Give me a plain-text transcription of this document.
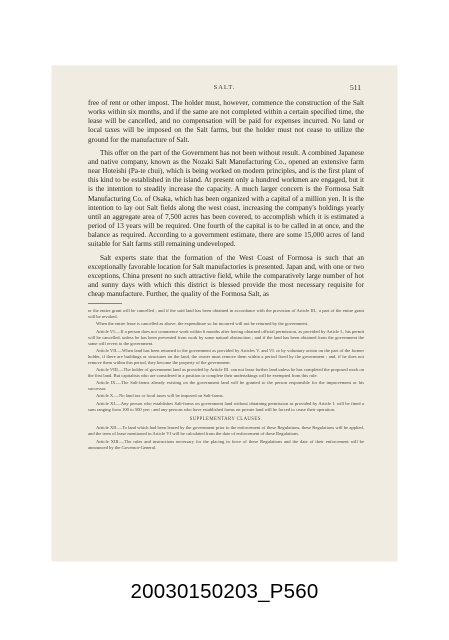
SALT.	511

free of rent or other impost. The holder must, however, commence the construction of the Salt works within six months, and if the same are not completed within a certain specified time, the lease will be cancelled, and no compensation will be paid for expenses incurred. No land or local taxes will be imposed on the Salt farms, but the holder must not cease to utilize the ground for the manufacture of Salt.

This offer on the part of the Government has not been without result. A combined Japanese and native company, known as the Nozaki Salt Manufacturing Co., opened an extensive farm near Hoteishi (Pa-te chui), which is being worked on modern principles, and is the first plant of this kind to be established in the island. At present only a hundred workmen are engaged, but it is the intention to steadily increase the capacity. A much larger concern is the Formosa Salt Manufacturing Co. of Osaka, which has been organized with a capital of a million yen. It is the intention to lay out Salt fields along the west coast, increasing the company's holdings yearly until an aggregate area of 7,500 acres has been covered, to accomplish which it is estimated a period of 13 years will be required. One fourth of the capital is to be called in at once, and the balance as required. According to a government estimate, there are some 15,000 acres of land suitable for Salt farms still remaining undeveloped.

Salt experts state that the formation of the West Coast of Formosa is such that an exceptionally favorable location for Salt manufactories is presented. Japan and, with one or two exceptions, China present no such attractive field, while the comparatively large number of hot and sunny days with which this district is blessed provide the most necessary requisite for cheap manufacture. Further, the quality of the Formosa Salt, as

or the entire grant will be cancelled ; and if the said land has been obtained in accordance with the provision of Article III., a part of the entire grant will be revoked.

When the entire lease is cancelled as above, the expenditure so far incurred will not be returned by the government.

Article VI.—If a person does not commence work within 6 months after having obtained official permission, as provided by Article I., his permit will be cancelled, unless he has been prevented from work by some natural obstruction ; and if the land has been obtained from the government the same will revert to the government.

Article VII.—When land has been returned to the government as provided by Articles V. and VI. or by voluntary action on the part of the former holder, if there are buildings or structures on the land, the owner must remove them within a period fixed by the government ; and, if he does not remove them within this period, they become the property of the government.

Article VIII.—The holder of government land as provided by Article III. can not lease further land unless he has completed the proposed work on the first land. But capitalists who are considered in a position to complete their undertakings will be exempted from this rule.

Article IX.—The Salt-farms already existing on the government land will be granted to the person responsible for the improvement or his successor.

Article X.—No land tax or local taxes will be imposed on Salt-farms.

Article XI.—Any person who establishes Salt-farms on government land without obtaining permission as provided by Article I. will be fined a sum ranging from 100 to 500 yen ; and any persons who have established farms on private land will be forced to cease their operation.

SUPPLEMENTARY CLAUSES.

Article XII.—To land which had been leased by the government prior to the enforcement of these Regulations, these Regulations will be applied, and the term of lease mentioned in Article VI will be calculated from the date of enforcement of these Regulations.

Article XIII.—The rules and instructions necessary for the placing in force of these Regulations and the date of their enforcement will be announced by the Governor-General.

20030150203_P560
